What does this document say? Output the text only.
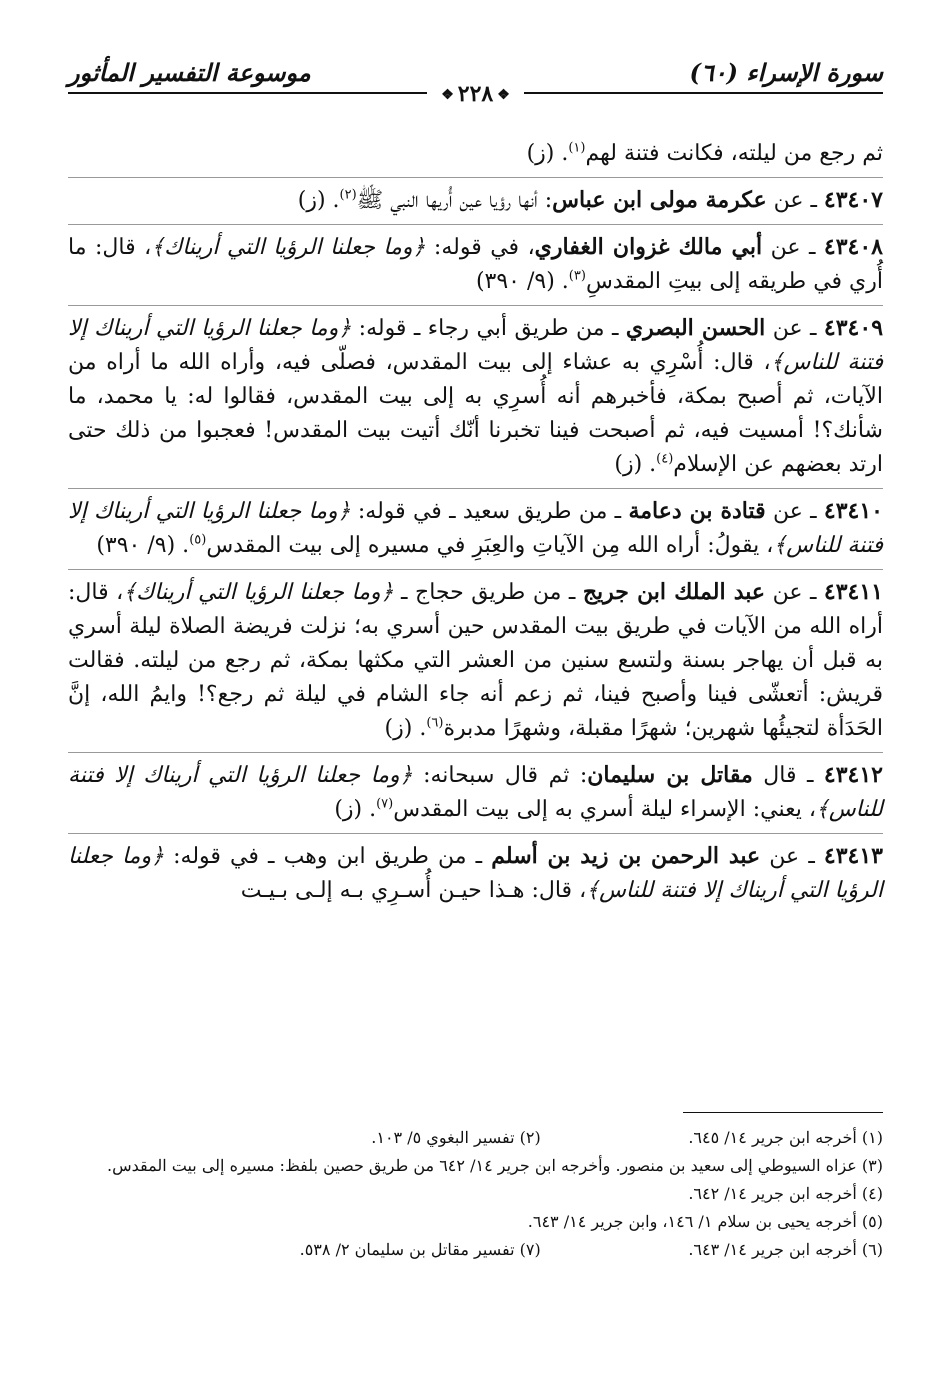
سورة الإسراء (٦٠)
موسوعة التفسير المأثور
❖٢٢٨❖

ثم رجع من ليلته، فكانت فتنة لهم$^{(١)}$. (ز)

٤٣٤٠٧ ـ عن عكرمة مولى ابن عباس: أنها رؤيا عين أُريها النبي ﷺ$^{(٢)}$. (ز)

٤٣٤٠٨ ـ عن أبي مالك غزوان الغفاري، في قوله: ﴿وما جعلنا الرؤيا التي أريناك﴾، قال: ما أُري في طريقه إلى بيتِ المقدسِ$^{(٣)}$. (٩/ ٣٩٠)

٤٣٤٠٩ ـ عن الحسن البصري ـ من طريق أبي رجاء ـ قوله: ﴿وما جعلنا الرؤيا التي أريناك إلا فتنة للناس﴾، قال: أُسْرِي به عشاء إلى بيت المقدس، فصلّى فيه، وأراه الله ما أراه من الآيات، ثم أصبح بمكة، فأخبرهم أنه أُسرِي به إلى بيت المقدس، فقالوا له: يا محمد، ما شأنك؟! أمسيت فيه، ثم أصبحت فينا تخبرنا أنّك أتيت بيت المقدس! فعجبوا من ذلك حتى ارتد بعضهم عن الإسلام$^{(٤)}$. (ز)

٤٣٤١٠ ـ عن قتادة بن دعامة ـ من طريق سعيد ـ في قوله: ﴿وما جعلنا الرؤيا التي أريناك إلا فتنة للناس﴾، يقولُ: أراه الله مِن الآياتِ والعِبَرِ في مسيره إلى بيت المقدس$^{(٥)}$. (٩/ ٣٩٠)

٤٣٤١١ ـ عن عبد الملك ابن جريج ـ من طريق حجاج ـ ﴿وما جعلنا الرؤيا التي أريناك﴾، قال: أراه الله من الآيات في طريق بيت المقدس حين أسري به؛ نزلت فريضة الصلاة ليلة أسري به قبل أن يهاجر بسنة ولتسع سنين من العشر التي مكثها بمكة، ثم رجع من ليلته. فقالت قريش: أتعشّى فينا وأصبح فينا، ثم زعم أنه جاء الشام في ليلة ثم رجع؟! وايمُ الله، إنَّ الحَدَأة لتجيئُها شهرين؛ شهرًا مقبلة، وشهرًا مدبرة$^{(٦)}$. (ز)

٤٣٤١٢ ـ قال مقاتل بن سليمان: ثم قال سبحانه: ﴿وما جعلنا الرؤيا التي أريناك إلا فتنة للناس﴾، يعني: الإسراء ليلة أسري به إلى بيت المقدس$^{(٧)}$. (ز)

٤٣٤١٣ ـ عن عبد الرحمن بن زيد بن أسلم ـ من طريق ابن وهب ـ في قوله: ﴿وما جعلنا الرؤيا التي أريناك إلا فتنة للناس﴾، قال: هـذا حيـن أُسـرِي بـه إلـى بـيـت

(١) أخرجه ابن جرير ١٤/ ٦٤٥.
(٢) تفسير البغوي ٥/ ١٠٣.
(٣) عزاه السيوطي إلى سعيد بن منصور. وأخرجه ابن جرير ١٤/ ٦٤٢ من طريق حصين بلفظ: مسيره إلى بيت المقدس.
(٤) أخرجه ابن جرير ١٤/ ٦٤٢.
(٥) أخرجه يحيى بن سلام ١/ ١٤٦، وابن جرير ١٤/ ٦٤٣.
(٦) أخرجه ابن جرير ١٤/ ٦٤٣.
(٧) تفسير مقاتل بن سليمان ٢/ ٥٣٨.
